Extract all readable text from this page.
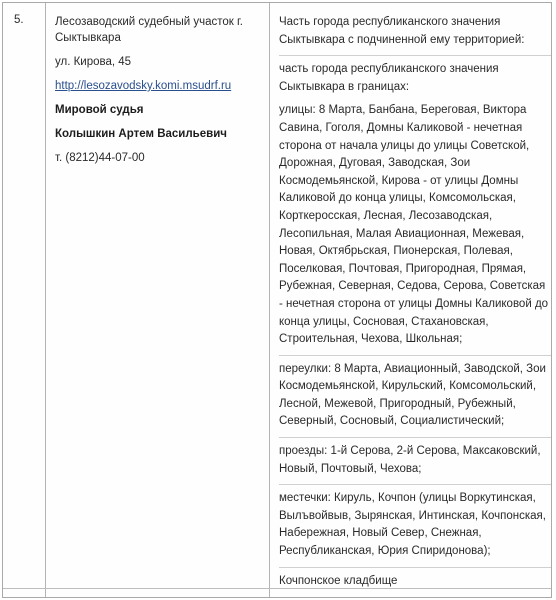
5.	Лесозаводский судебный участок г. Сыктывкара
ул. Кирова, 45
http://lesozavodsky.komi.msudrf.ru
Мировой судья
Колышкин Артем Васильевич
т. (8212)44-07-00

Часть города республиканского значения Сыктывкара с подчиненной ему территорией:

часть города республиканского значения Сыктывкара в границах:

улицы: 8 Марта, Банбана, Береговая, Виктора Савина, Гоголя, Домны Каликовой - нечетная сторона от начала улицы до улицы Советской, Дорожная, Дуговая, Заводская, Зои Космодемьянской, Кирова - от улицы Домны Каликовой до конца улицы, Комсомольская, Корткеросская, Лесная, Лесозаводская, Лесопильная, Малая Авиационная, Межевая, Новая, Октябрьская, Пионерская, Полевая, Поселковая, Почтовая, Пригородная, Прямая, Рубежная, Северная, Седова, Серова, Советская - нечетная сторона от улицы Домны Каликовой до конца улицы, Сосновая, Стахановская, Строительная, Чехова, Школьная;

переулки: 8 Марта, Авиационный, Заводской, Зои Космодемьянской, Кирульский, Комсомольский, Лесной, Межевой, Пригородный, Рубежный, Северный, Сосновый, Социалистический;

проезды: 1-й Серова, 2-й Серова, Максаковский, Новый, Почтовый, Чехова;

местечки: Кируль, Кочпон (улицы Воркутинская, Вылъвойвыв, Зырянская, Интинская, Кочпонская, Набережная, Новый Север, Снежная, Республиканская, Юрия Спиридонова);

Кочпонское кладбище
